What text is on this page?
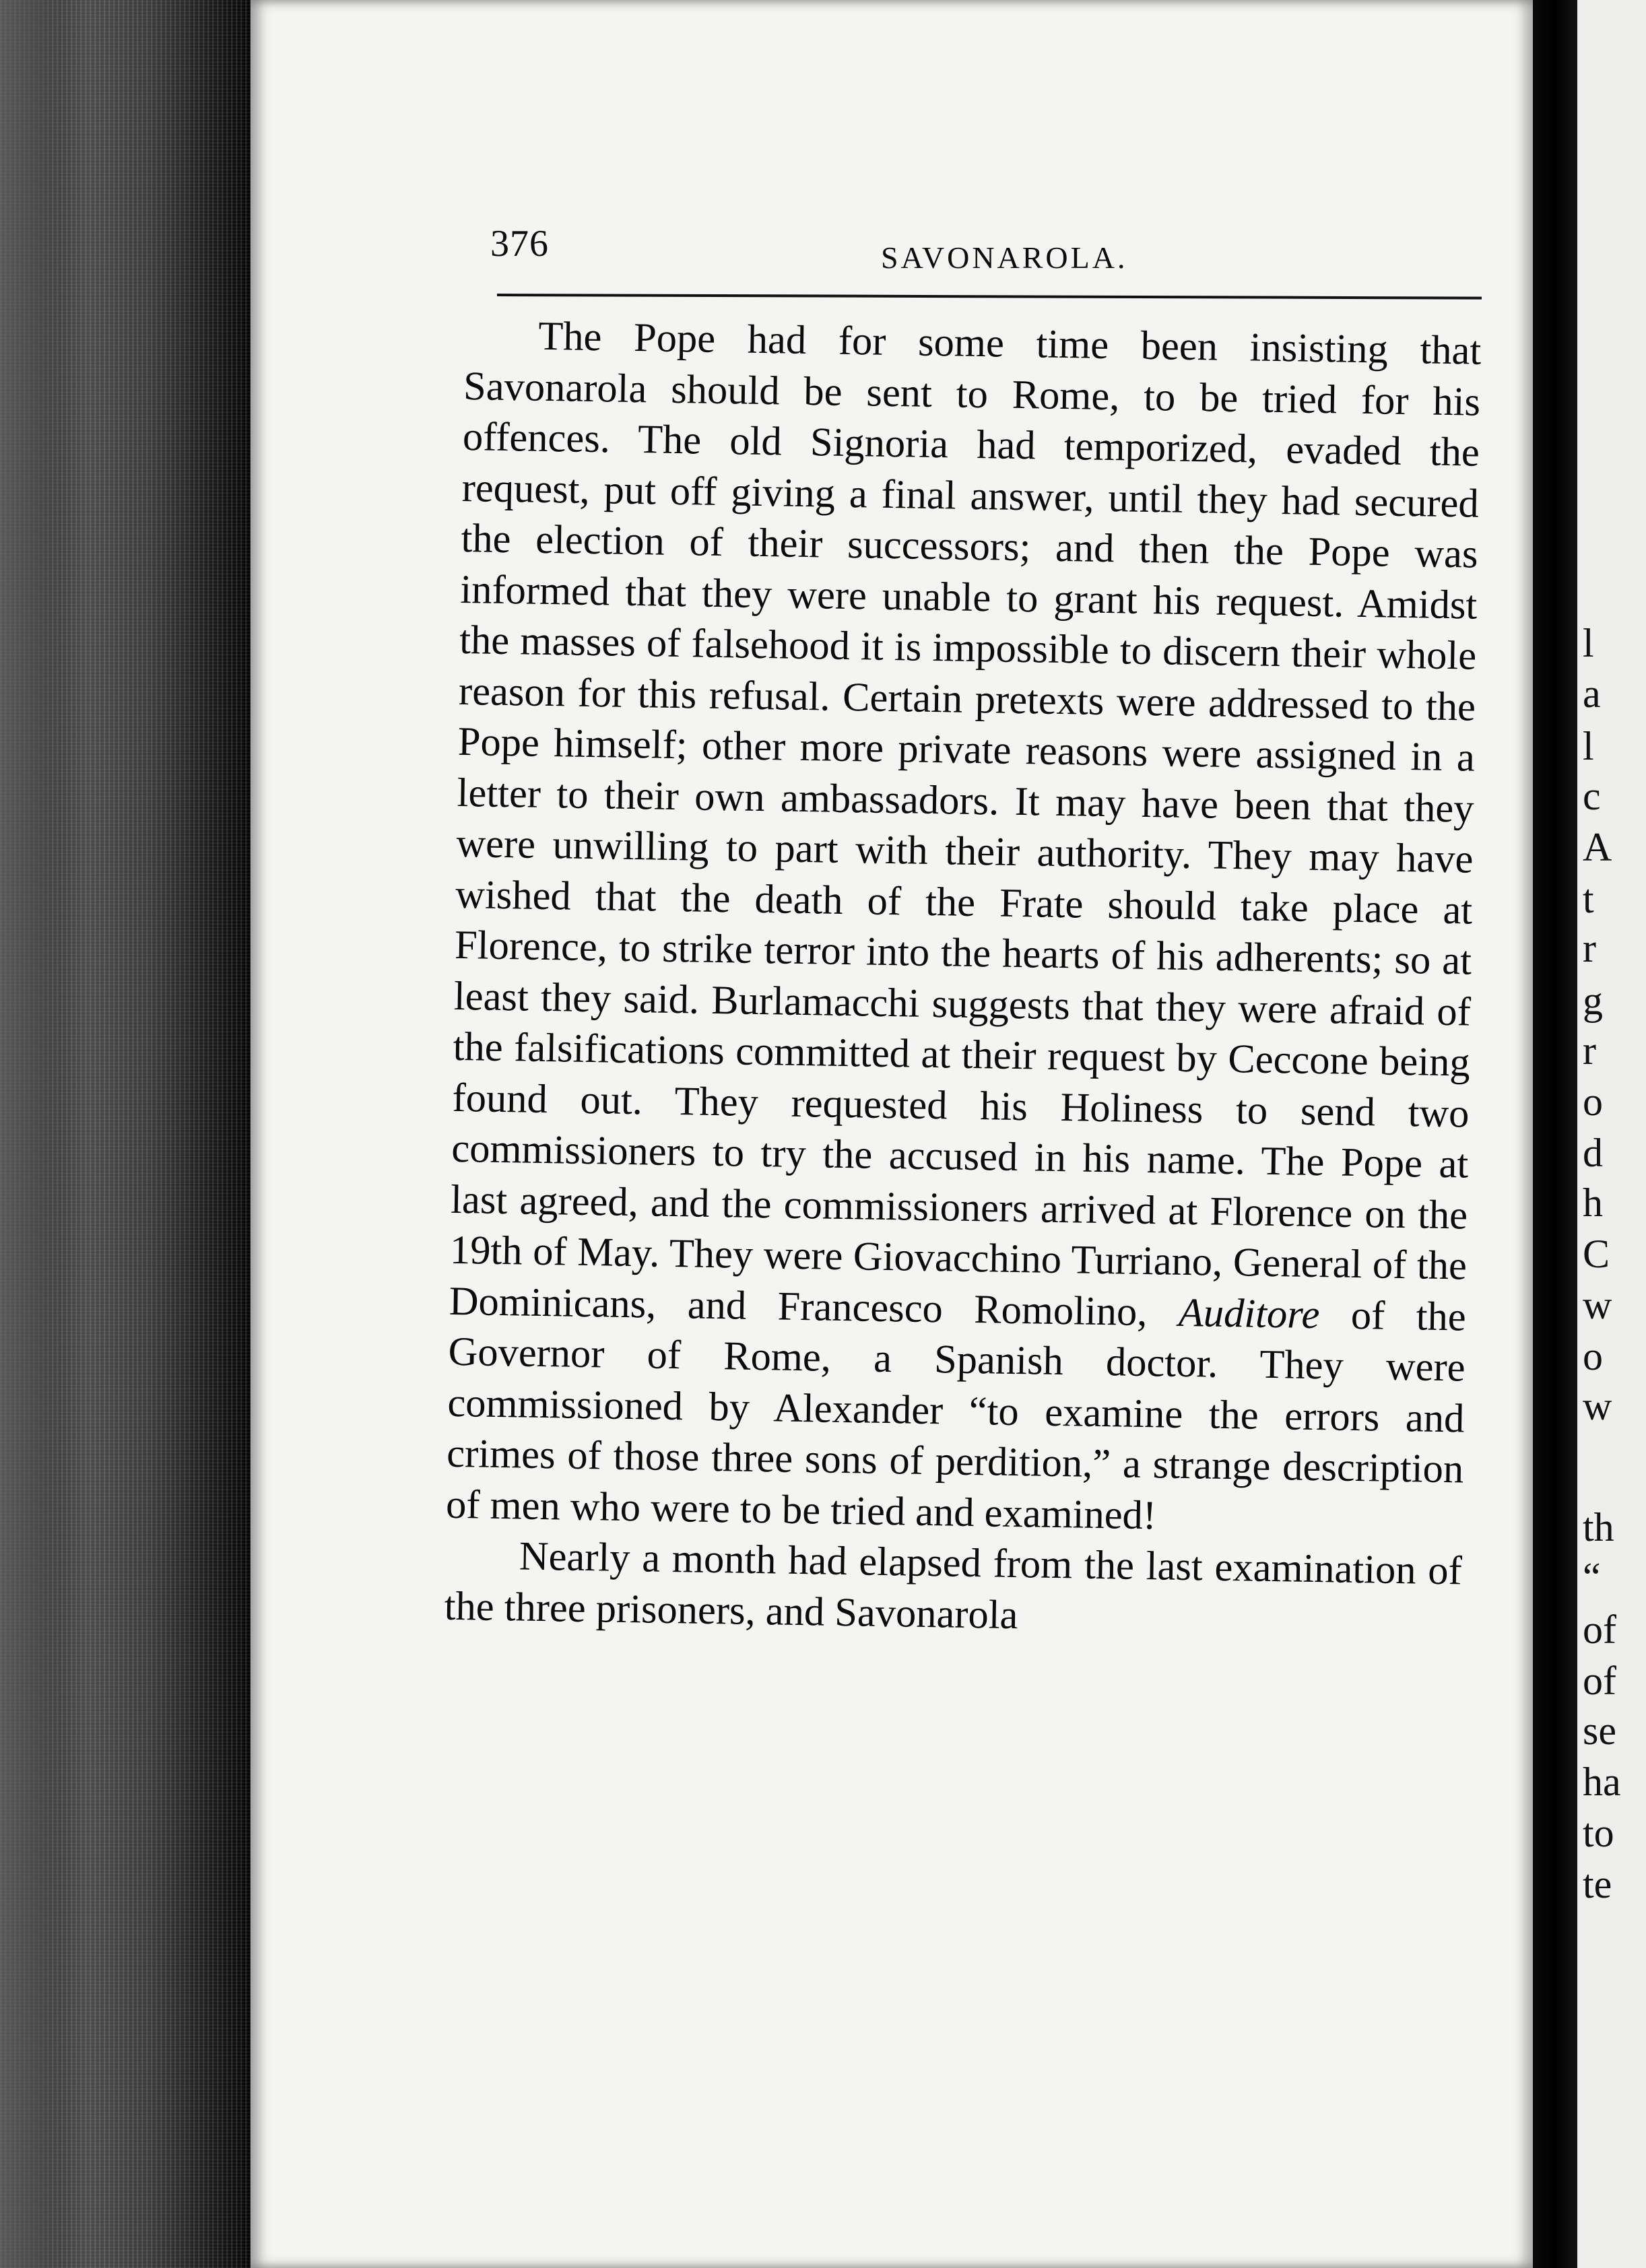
376	SAVONAROLA.

The Pope had for some time been insisting that Savonarola should be sent to Rome, to be tried for his offences. The old Signoria had temporized, evaded the request, put off giving a final answer, until they had secured the election of their successors; and then the Pope was informed that they were unable to grant his request. Amidst the masses of falsehood it is impossible to discern their whole reason for this refusal. Certain pretexts were addressed to the Pope himself; other more private reasons were assigned in a letter to their own ambassadors. It may have been that they were unwilling to part with their authority. They may have wished that the death of the Frate should take place at Florence, to strike terror into the hearts of his adherents; so at least they said. Burlamacchi suggests that they were afraid of the falsifications committed at their request by Ceccone being found out. They requested his Holiness to send two commissioners to try the accused in his name. The Pope at last agreed, and the commissioners arrived at Florence on the 19th of May. They were Giovacchino Turriano, General of the Dominicans, and Francesco Romolino, Auditore of the Governor of Rome, a Spanish doctor. They were commissioned by Alexander “to examine the errors and crimes of those three sons of perdition,” a strange description of men who were to be tried and examined!

Nearly a month had elapsed from the last examination of the three prisoners, and Savonarola

l
a
l
c
A
t
r
g
r
o
d
h
C
w
o
w
th
“
of
of
se
ha
to
te
